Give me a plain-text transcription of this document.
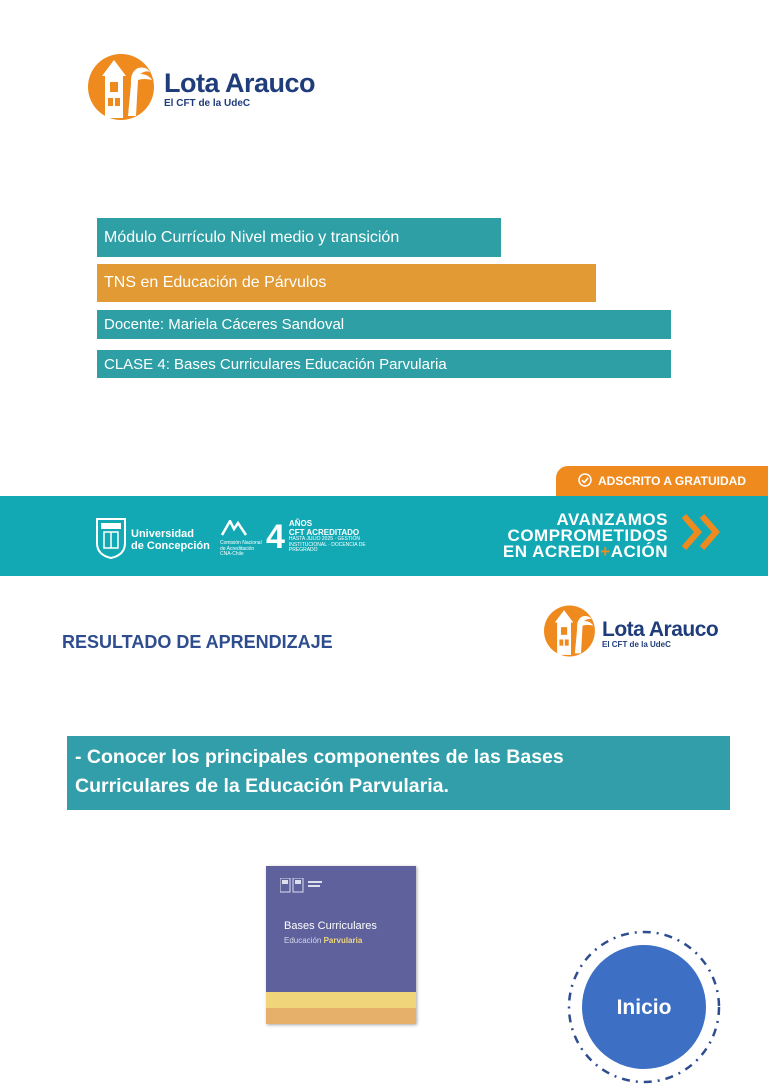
Lota Arauco
El CFT de la UdeC
Módulo Currículo Nivel medio y transición
TNS en Educación de Párvulos
Docente: Mariela Cáceres Sandoval
CLASE 4: Bases Curriculares Educación Parvularia
ADSCRITO A GRATUIDAD
Universidad
de Concepción Comisión Nacional de Acreditación CNA-Chile 4 AÑOS
CFT ACREDITADO
HASTA JULIO 2025 · GESTIÓN INSTITUCIONAL · DOCENCIA DE PREGRADO
AVANZAMOS
COMPROMETIDOS
EN ACREDI+ACIÓN
RESULTADO DE APRENDIZAJE
Lota Arauco
El CFT de la UdeC
- Conocer los principales componentes de las Bases
Curriculares de la Educación Parvularia.
Bases Curriculares
Educación Parvularia
Inicio
